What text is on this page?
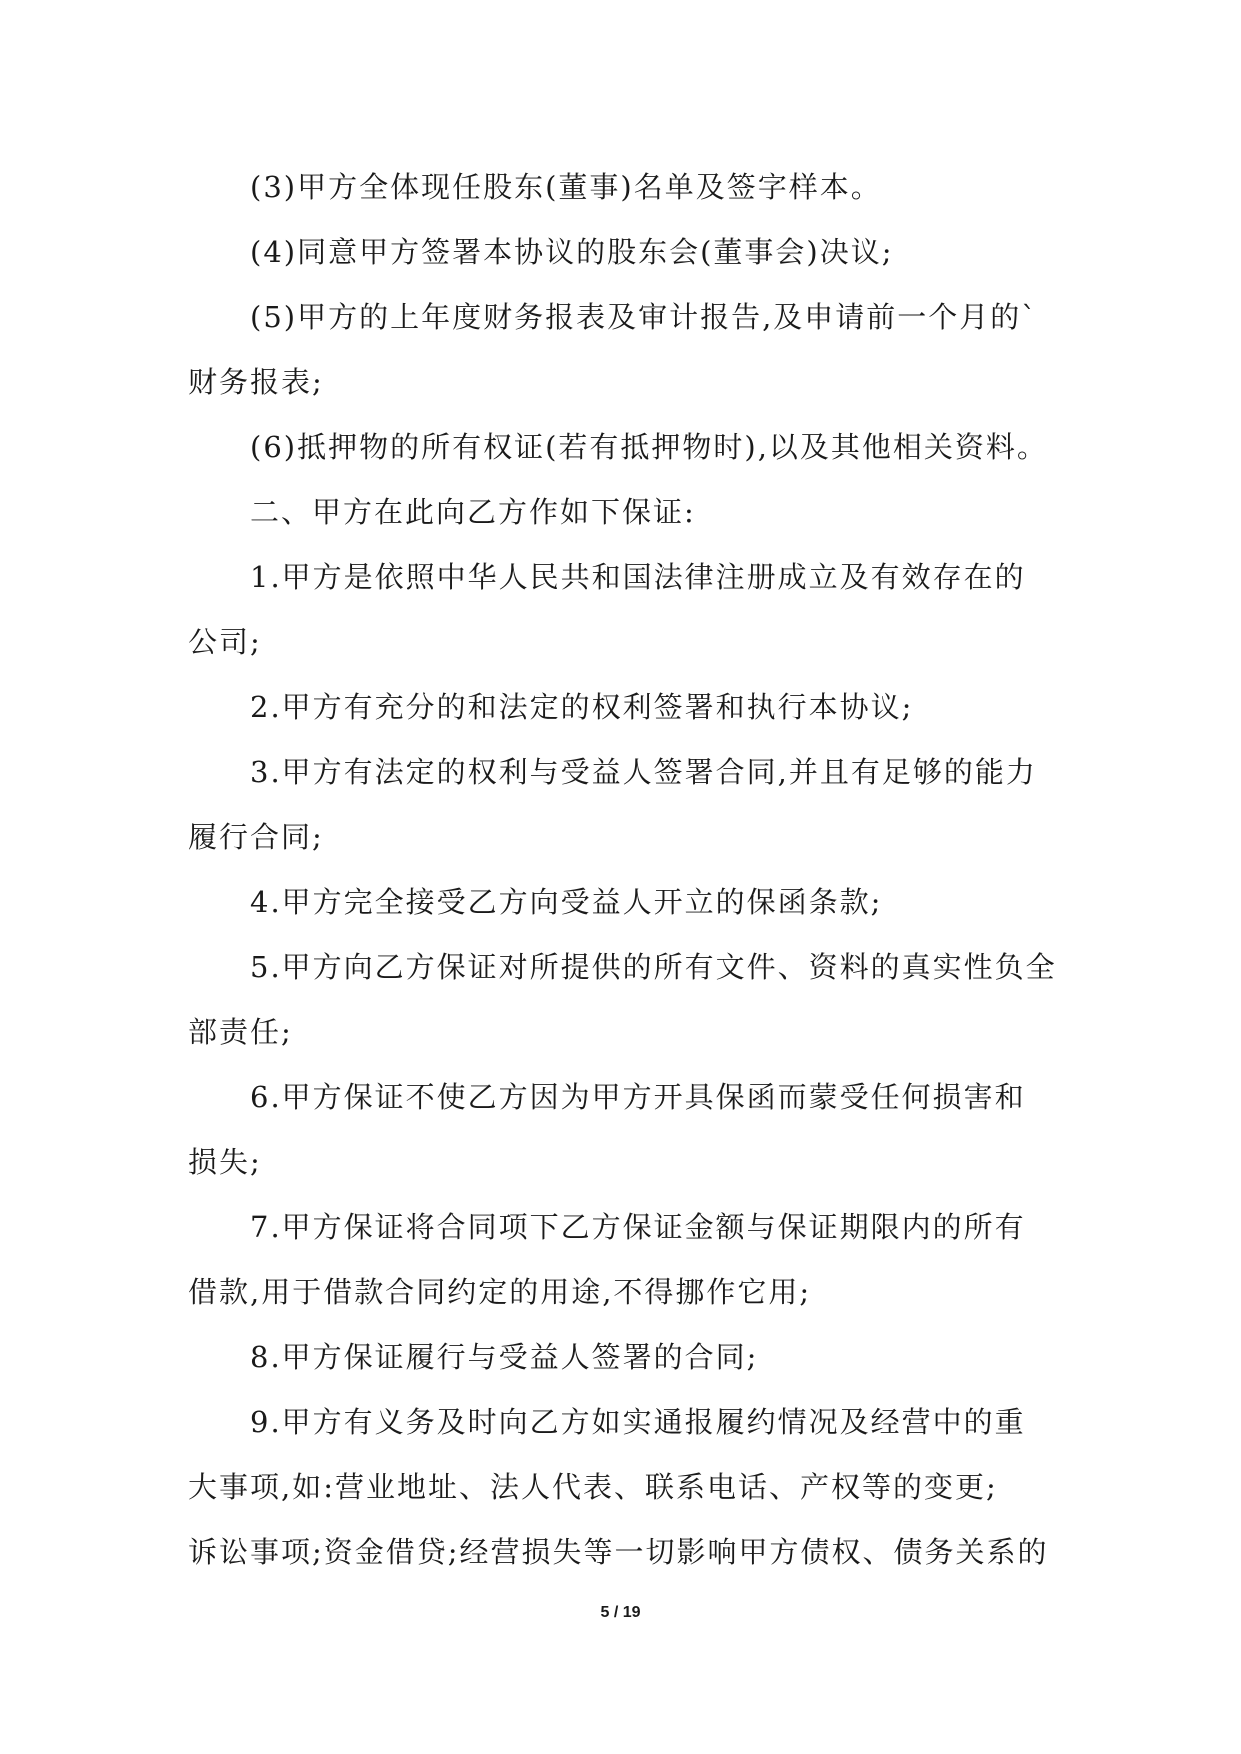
(3)甲方全体现任股东(董事)名单及签字样本。

(4)同意甲方签署本协议的股东会(董事会)决议;

(5)甲方的上年度财务报表及审计报告,及申请前一个月的`
财务报表;

(6)抵押物的所有权证(若有抵押物时),以及其他相关资料。

二、甲方在此向乙方作如下保证:

1.甲方是依照中华人民共和国法律注册成立及有效存在的
公司;

2.甲方有充分的和法定的权利签署和执行本协议;

3.甲方有法定的权利与受益人签署合同,并且有足够的能力
履行合同;

4.甲方完全接受乙方向受益人开立的保函条款;

5.甲方向乙方保证对所提供的所有文件、资料的真实性负全
部责任;

6.甲方保证不使乙方因为甲方开具保函而蒙受任何损害和
损失;

7.甲方保证将合同项下乙方保证金额与保证期限内的所有
借款,用于借款合同约定的用途,不得挪作它用;

8.甲方保证履行与受益人签署的合同;

9.甲方有义务及时向乙方如实通报履约情况及经营中的重
大事项,如:营业地址、法人代表、联系电话、产权等的变更;
诉讼事项;资金借贷;经营损失等一切影响甲方债权、债务关系的

5 / 19
